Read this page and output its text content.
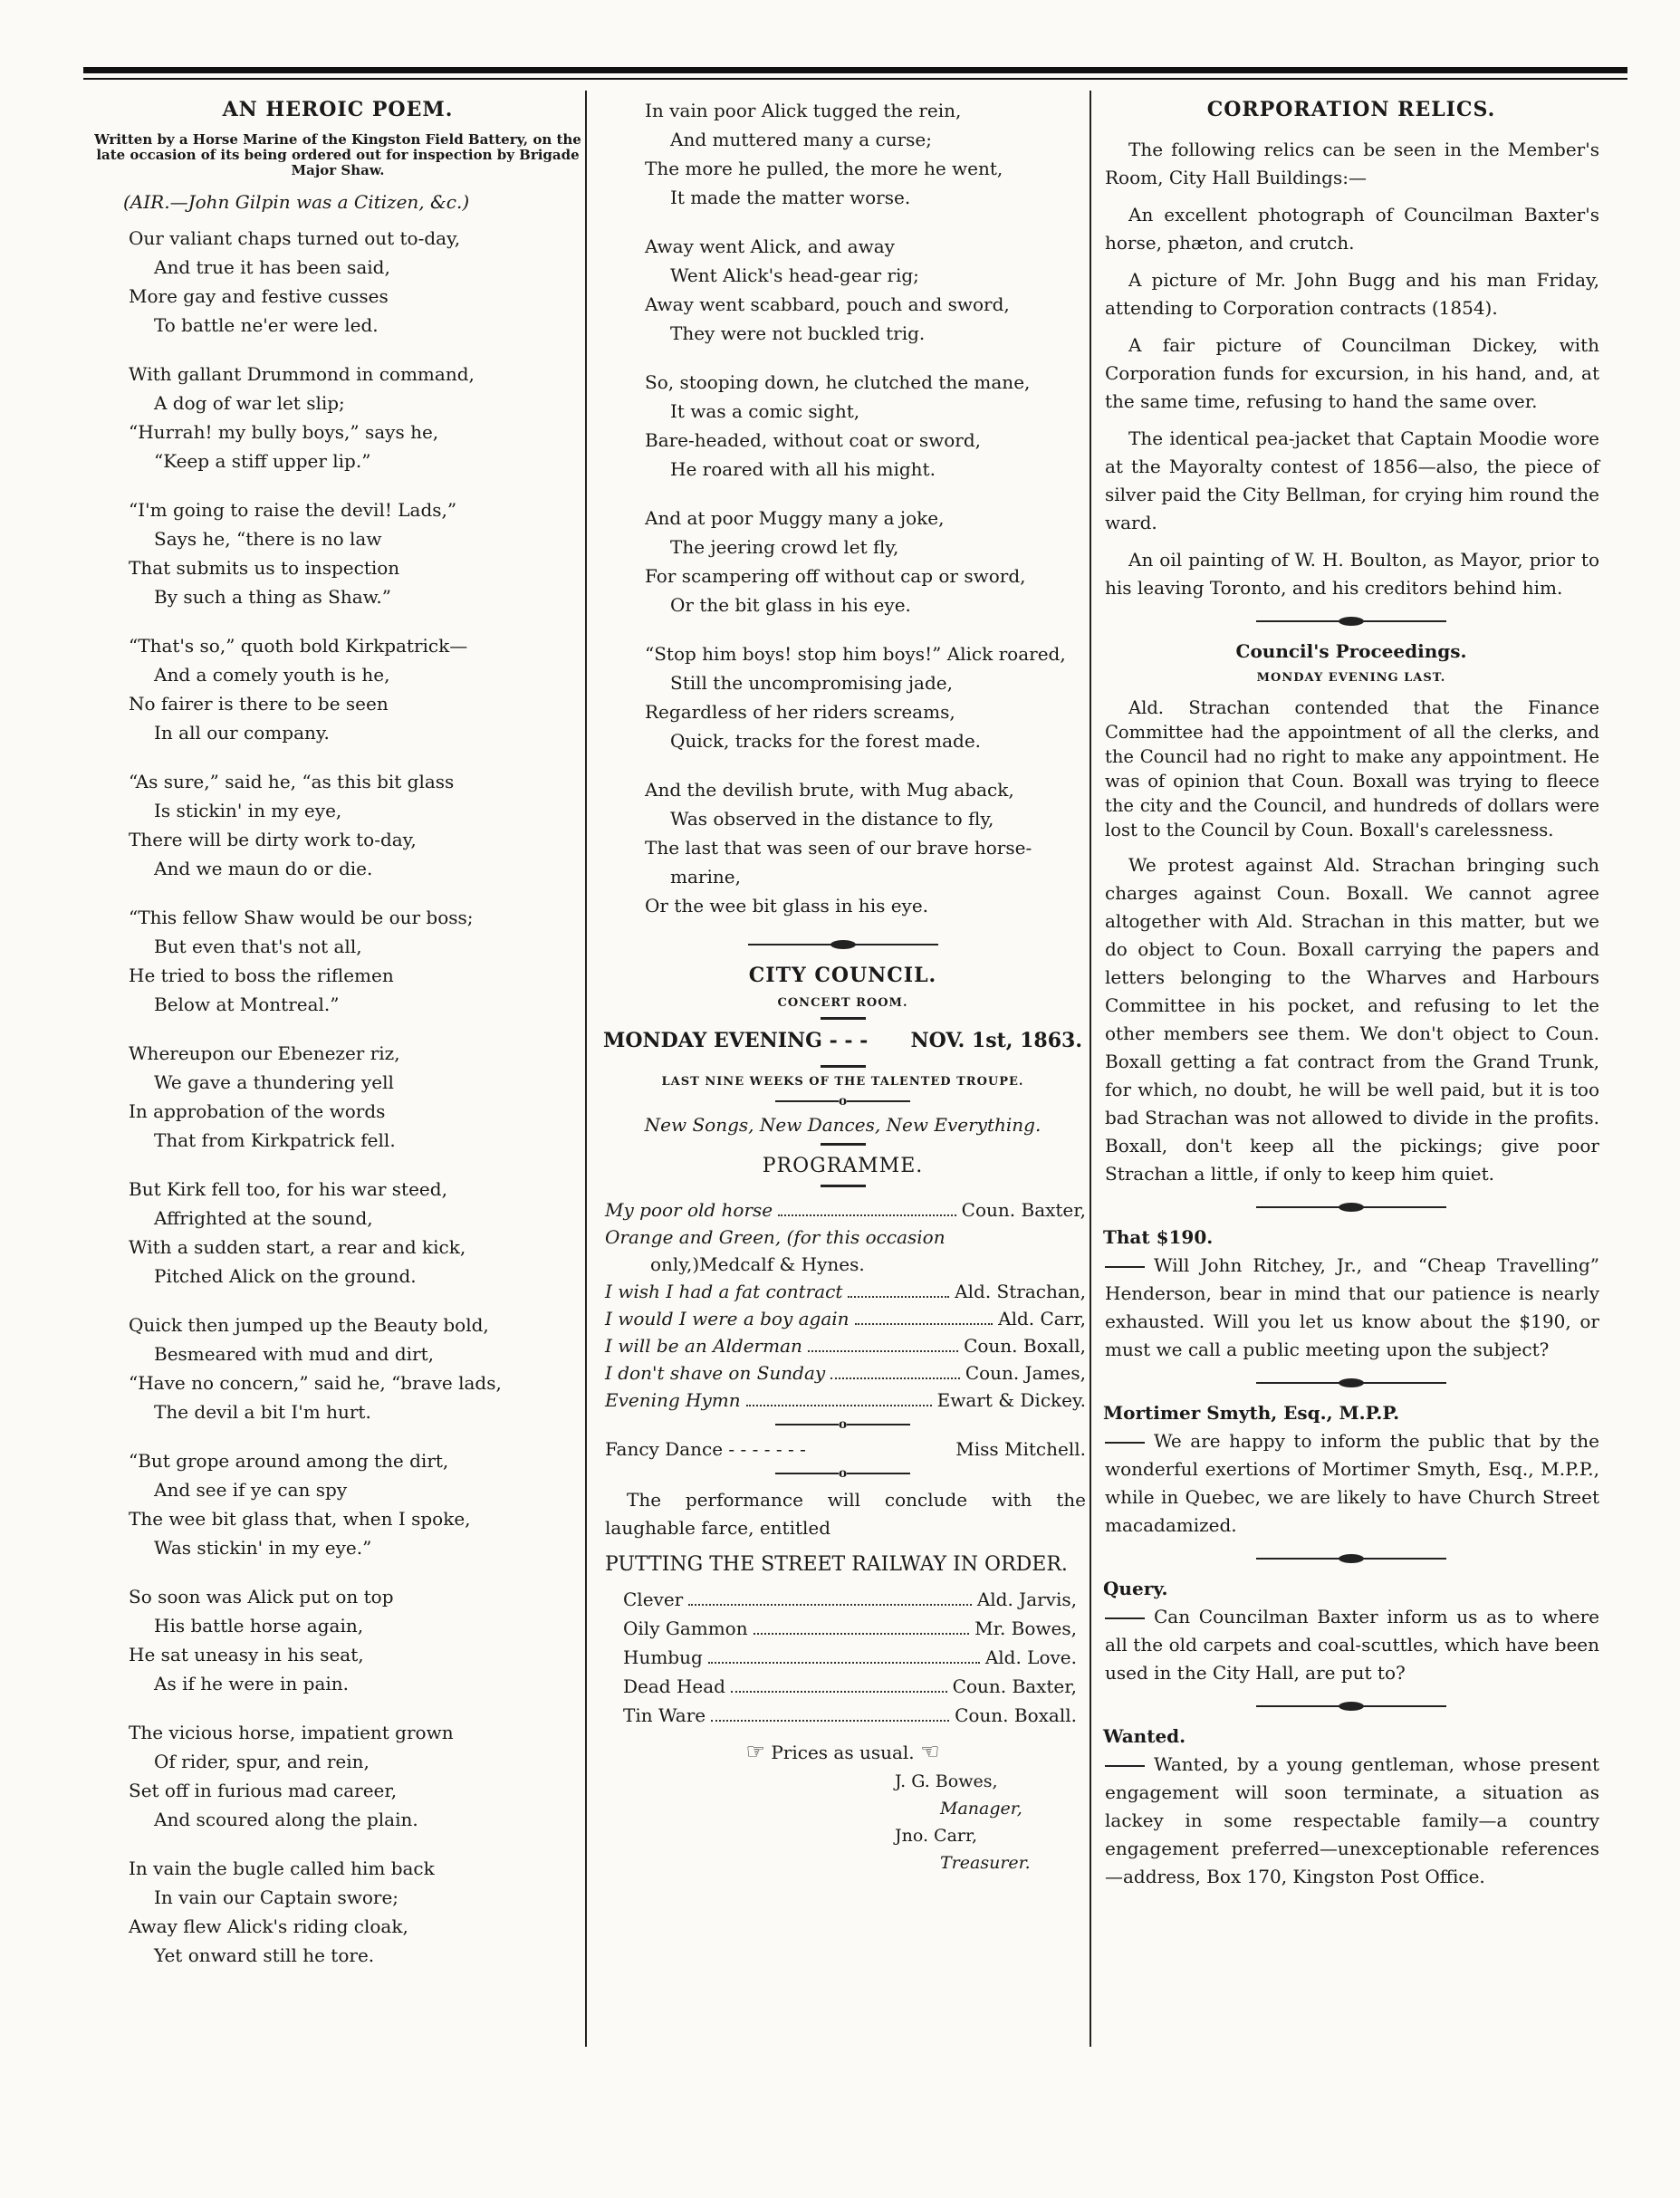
AN HEROIC POEM.
Written by a Horse Marine of the Kingston Field Battery, on the late occasion of its being ordered out for inspection by Brigade Major Shaw.
(AIR.—John Gilpin was a Citizen, &c.)
Our valiant chaps turned out to-day,
And true it has been said,
More gay and festive cusses
To battle ne'er were led.
With gallant Drummond in command,
A dog of war let slip;
“Hurrah! my bully boys,” says he,
“Keep a stiff upper lip.”
“I'm going to raise the devil! Lads,”
Says he, “there is no law
That submits us to inspection
By such a thing as Shaw.”
“That's so,” quoth bold Kirkpatrick—
And a comely youth is he,
No fairer is there to be seen
In all our company.
“As sure,” said he, “as this bit glass
Is stickin' in my eye,
There will be dirty work to-day,
And we maun do or die.
“This fellow Shaw would be our boss;
But even that's not all,
He tried to boss the riflemen
Below at Montreal.”
Whereupon our Ebenezer riz,
We gave a thundering yell
In approbation of the words
That from Kirkpatrick fell.
But Kirk fell too, for his war steed,
Affrighted at the sound,
With a sudden start, a rear and kick,
Pitched Alick on the ground.
Quick then jumped up the Beauty bold,
Besmeared with mud and dirt,
“Have no concern,” said he, “brave lads,
The devil a bit I'm hurt.
“But grope around among the dirt,
And see if ye can spy
The wee bit glass that, when I spoke,
Was stickin' in my eye.”
So soon was Alick put on top
His battle horse again,
He sat uneasy in his seat,
As if he were in pain.
The vicious horse, impatient grown
Of rider, spur, and rein,
Set off in furious mad career,
And scoured along the plain.
In vain the bugle called him back
In vain our Captain swore;
Away flew Alick's riding cloak,
Yet onward still he tore.
In vain poor Alick tugged the rein,
And muttered many a curse;
The more he pulled, the more he went,
It made the matter worse.
Away went Alick, and away
Went Alick's head-gear rig;
Away went scabbard, pouch and sword,
They were not buckled trig.
So, stooping down, he clutched the mane,
It was a comic sight,
Bare-headed, without coat or sword,
He roared with all his might.
And at poor Muggy many a joke,
The jeering crowd let fly,
For scampering off without cap or sword,
Or the bit glass in his eye.
“Stop him boys! stop him boys!” Alick roared,
Still the uncompromising jade,
Regardless of her riders screams,
Quick, tracks for the forest made.
And the devilish brute, with Mug aback,
Was observed in the distance to fly,
The last that was seen of our brave horse-
marine,
Or the wee bit glass in his eye.
CITY COUNCIL.
CONCERT ROOM.
MONDAY EVENING - - - NOV. 1st, 1863.
LAST NINE WEEKS OF THE TALENTED TROUPE.
o
New Songs, New Dances, New Everything.
PROGRAMME.
My poor old horse	Coun. Baxter,
Orange and Green, (for this occasion
only,) Medcalf & Hynes.
I wish I had a fat contract	Ald. Strachan,
I would I were a boy again	Ald. Carr,
I will be an Alderman	Coun. Boxall,
I don't shave on Sunday	Coun. James,
Evening Hymn	Ewart & Dickey.
o
Fancy Dance - - - - - - -	Miss Mitchell.
o
The performance will conclude with the laughable farce, entitled
PUTTING THE STREET RAILWAY IN ORDER.
Clever	Ald. Jarvis,
Oily Gammon	Mr. Bowes,
Humbug	Ald. Love.
Dead Head	Coun. Baxter,
Tin Ware	Coun. Boxall.
☞ Prices as usual. ☜
J. G. Bowes,
Manager,
Jno. Carr,
Treasurer.
CORPORATION RELICS.
The following relics can be seen in the Member's Room, City Hall Buildings:—
An excellent photograph of Councilman Baxter's horse, phæton, and crutch.
A picture of Mr. John Bugg and his man Friday, attending to Corporation contracts (1854).
A fair picture of Councilman Dickey, with Corporation funds for excursion, in his hand, and, at the same time, refusing to hand the same over.
The identical pea-jacket that Captain Moodie wore at the Mayoralty contest of 1856—also, the piece of silver paid the City Bellman, for crying him round the ward.
An oil painting of W. H. Boulton, as Mayor, prior to his leaving Toronto, and his creditors behind him.
Council's Proceedings.
MONDAY EVENING LAST.
Ald. Strachan contended that the Finance Committee had the appointment of all the clerks, and the Council had no right to make any appointment. He was of opinion that Coun. Boxall was trying to fleece the city and the Council, and hundreds of dollars were lost to the Council by Coun. Boxall's carelessness.
We protest against Ald. Strachan bringing such charges against Coun. Boxall. We cannot agree altogether with Ald. Strachan in this matter, but we do object to Coun. Boxall carrying the papers and letters belonging to the Wharves and Harbours Committee in his pocket, and refusing to let the other members see them. We don't object to Coun. Boxall getting a fat contract from the Grand Trunk, for which, no doubt, he will be well paid, but it is too bad Strachan was not allowed to divide in the profits. Boxall, don't keep all the pickings; give poor Strachan a little, if only to keep him quiet.
That $190.
Will John Ritchey, Jr., and “Cheap Travelling” Henderson, bear in mind that our patience is nearly exhausted. Will you let us know about the $190, or must we call a public meeting upon the subject?
Mortimer Smyth, Esq., M.P.P.
We are happy to inform the public that by the wonderful exertions of Mortimer Smyth, Esq., M.P.P., while in Quebec, we are likely to have Church Street macadamized.
Query.
Can Councilman Baxter inform us as to where all the old carpets and coal-scuttles, which have been used in the City Hall, are put to?
Wanted.
Wanted, by a young gentleman, whose present engagement will soon terminate, a situation as lackey in some respectable family—a country engagement preferred—unexceptionable references—address, Box 170, Kingston Post Office.
